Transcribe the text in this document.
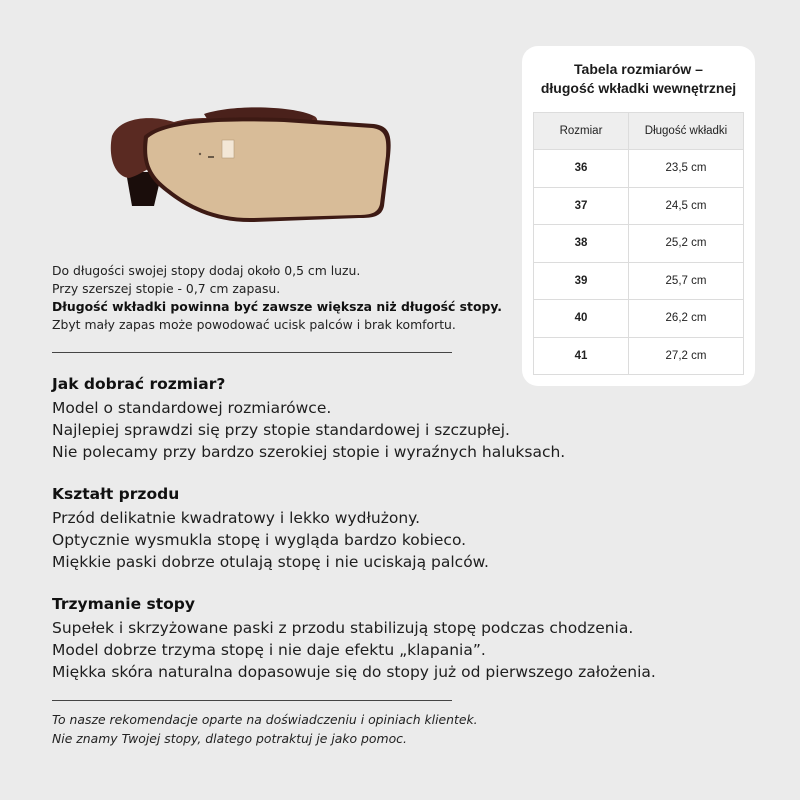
Do długości swojej stopy dodaj około 0,5 cm luzu.
Przy szerszej stopie - 0,7 cm zapasu.
Długość wkładki powinna być zawsze większa niż długość stopy.
Zbyt mały zapas może powodować ucisk palców i brak komfortu.
Jak dobrać rozmiar?
Model o standardowej rozmiarówce.
Najlepiej sprawdzi się przy stopie standardowej i szczupłej.
Nie polecamy przy bardzo szerokiej stopie i wyraźnych haluksach.
Kształt przodu
Przód delikatnie kwadratowy i lekko wydłużony.
Optycznie wysmukla stopę i wygląda bardzo kobieco.
Miękkie paski dobrze otulają stopę i nie uciskają palców.
Trzymanie stopy
Supełek i skrzyżowane paski z przodu stabilizują stopę podczas chodzenia.
Model dobrze trzyma stopę i nie daje efektu „klapania”.
Miękka skóra naturalna dopasowuje się do stopy już od pierwszego założenia.
To nasze rekomendacje oparte na doświadczeniu i opiniach klientek.
Nie znamy Twojej stopy, dlatego potraktuj je jako pomoc.
Tabela rozmiarów –
długość wkładki wewnętrznej
Rozmiar	Długość wkładki
36	23,5 cm
37	24,5 cm
38	25,2 cm
39	25,7 cm
40	26,2 cm
41	27,2 cm
